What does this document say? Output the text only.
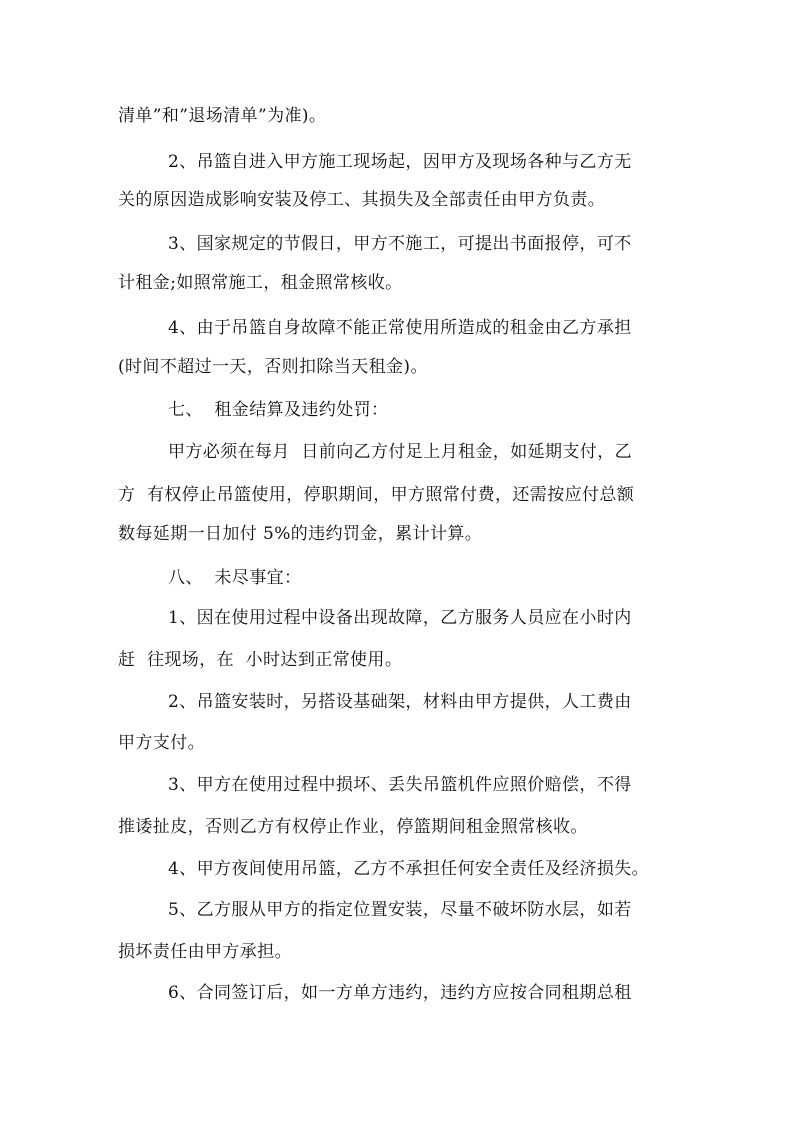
清单”和”退场清单”为准)。
2、吊篮自进入甲方施工现场起，因甲方及现场各种与乙方无
关的原因造成影响安装及停工、其损失及全部责任由甲方负责。
3、国家规定的节假日，甲方不施工，可提出书面报停，可不
计租金;如照常施工，租金照常核收。
4、由于吊篮自身故障不能正常使用所造成的租金由乙方承担
(时间不超过一天，否则扣除当天租金)。
七、  租金结算及违约处罚：
甲方必须在每月  日前向乙方付足上月租金，如延期支付，乙
方  有权停止吊篮使用，停职期间，甲方照常付费，还需按应付总额
数每延期一日加付 5%的违约罚金，累计计算。
八、  未尽事宜：
1、因在使用过程中设备出现故障，乙方服务人员应在小时内
赶  往现场，在  小时达到正常使用。
2、吊篮安装时，另搭设基础架，材料由甲方提供，人工费由
甲方支付。
3、甲方在使用过程中损坏、丢失吊篮机件应照价赔偿，不得
推诿扯皮，否则乙方有权停止作业，停篮期间租金照常核收。
4、甲方夜间使用吊篮，乙方不承担任何安全责任及经济损失。
5、乙方服从甲方的指定位置安装，尽量不破坏防水层，如若
损坏责任由甲方承担。
6、合同签订后，如一方单方违约，违约方应按合同租期总租
